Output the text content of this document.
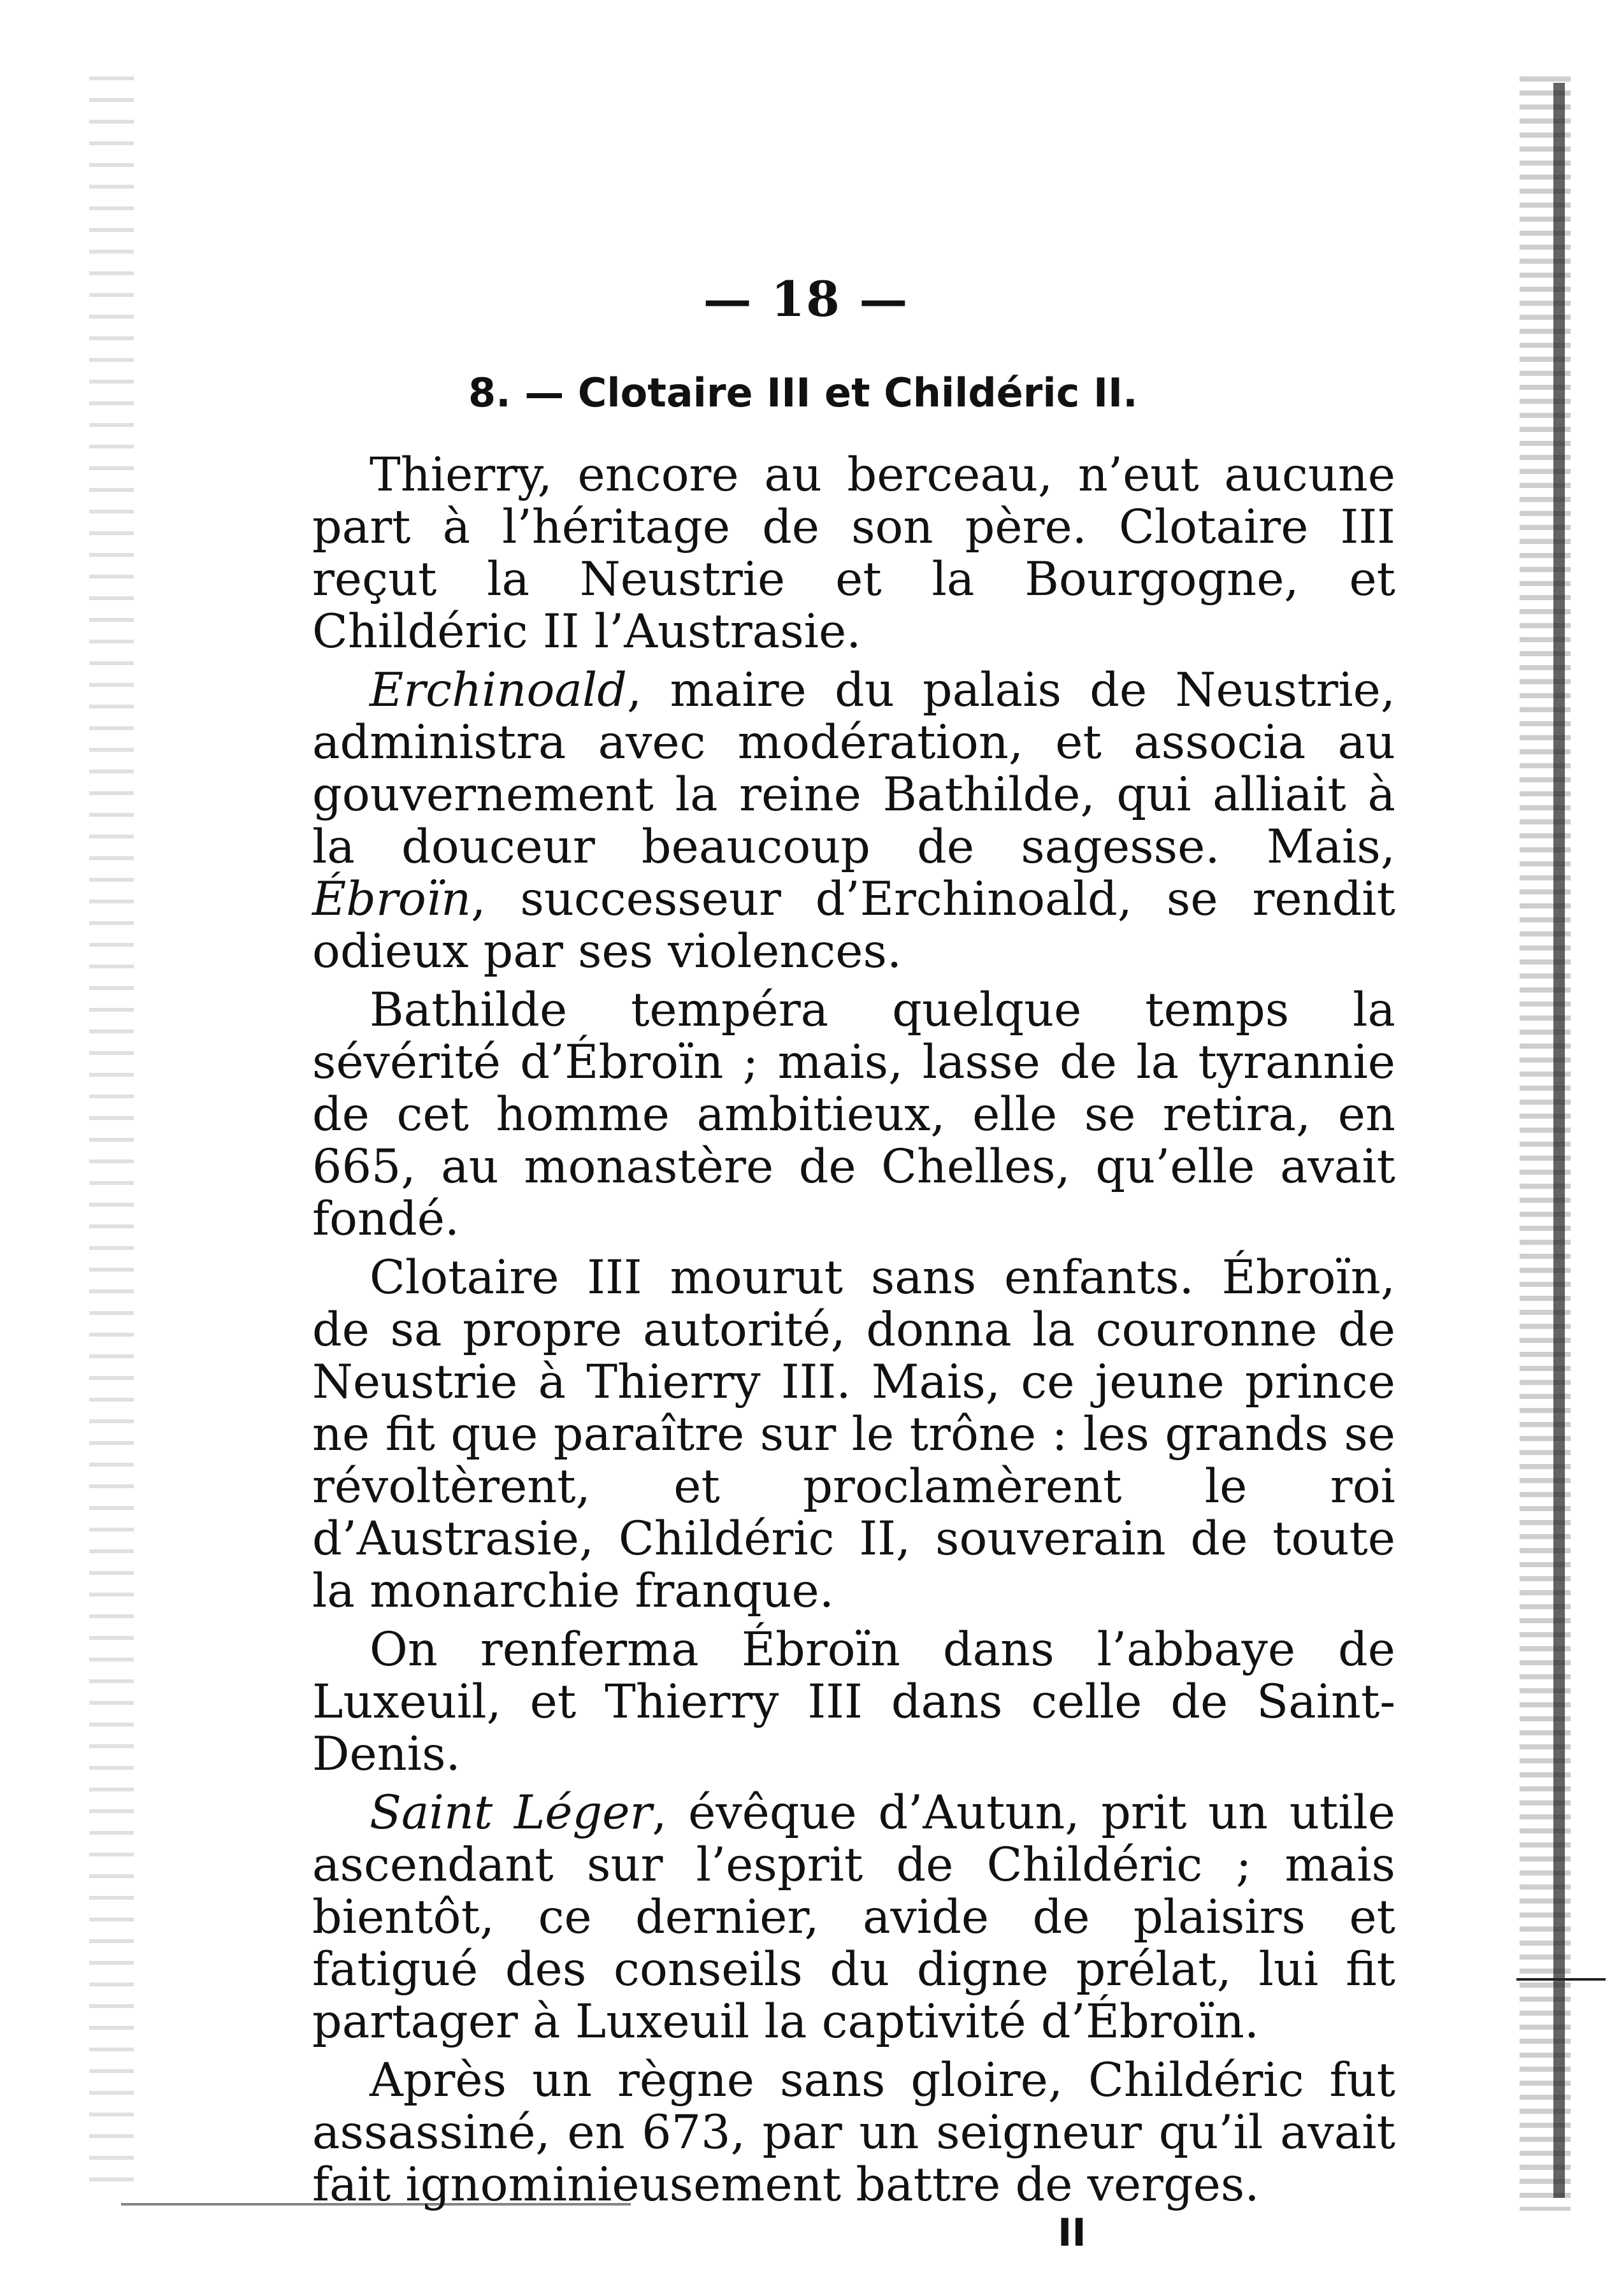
— 18 —
8. — Clotaire III et Childéric II.

Thierry, encore au berceau, n’eut aucune part à l’héritage de son père. Clotaire III reçut la Neustrie et la Bourgogne, et Childéric II l’Austrasie.

Erchinoald, maire du palais de Neustrie, administra avec modération, et associa au gouvernement la reine Bathilde, qui alliait à la douceur beaucoup de sagesse. Mais, Ébroïn, successeur d’Erchinoald, se rendit odieux par ses violences.

Bathilde tempéra quelque temps la sévérité d’Ébroïn ; mais, lasse de la tyrannie de cet homme ambitieux, elle se retira, en 665, au monastère de Chelles, qu’elle avait fondé.

Clotaire III mourut sans enfants. Ébroïn, de sa propre autorité, donna la couronne de Neustrie à Thierry III. Mais, ce jeune prince ne fit que paraître sur le trône : les grands se révoltèrent, et proclamèrent le roi d’Austrasie, Childéric II, souverain de toute la monarchie franque.

On renferma Ébroïn dans l’abbaye de Luxeuil, et Thierry III dans celle de Saint-Denis.

Saint Léger, évêque d’Autun, prit un utile ascendant sur l’esprit de Childéric ; mais bientôt, ce dernier, avide de plaisirs et fatigué des conseils du digne prélat, lui fit partager à Luxeuil la captivité d’Ébroïn.

Après un règne sans gloire, Childéric fut assassiné, en 673, par un seigneur qu’il avait fait ignominieusement battre de verges.

II
